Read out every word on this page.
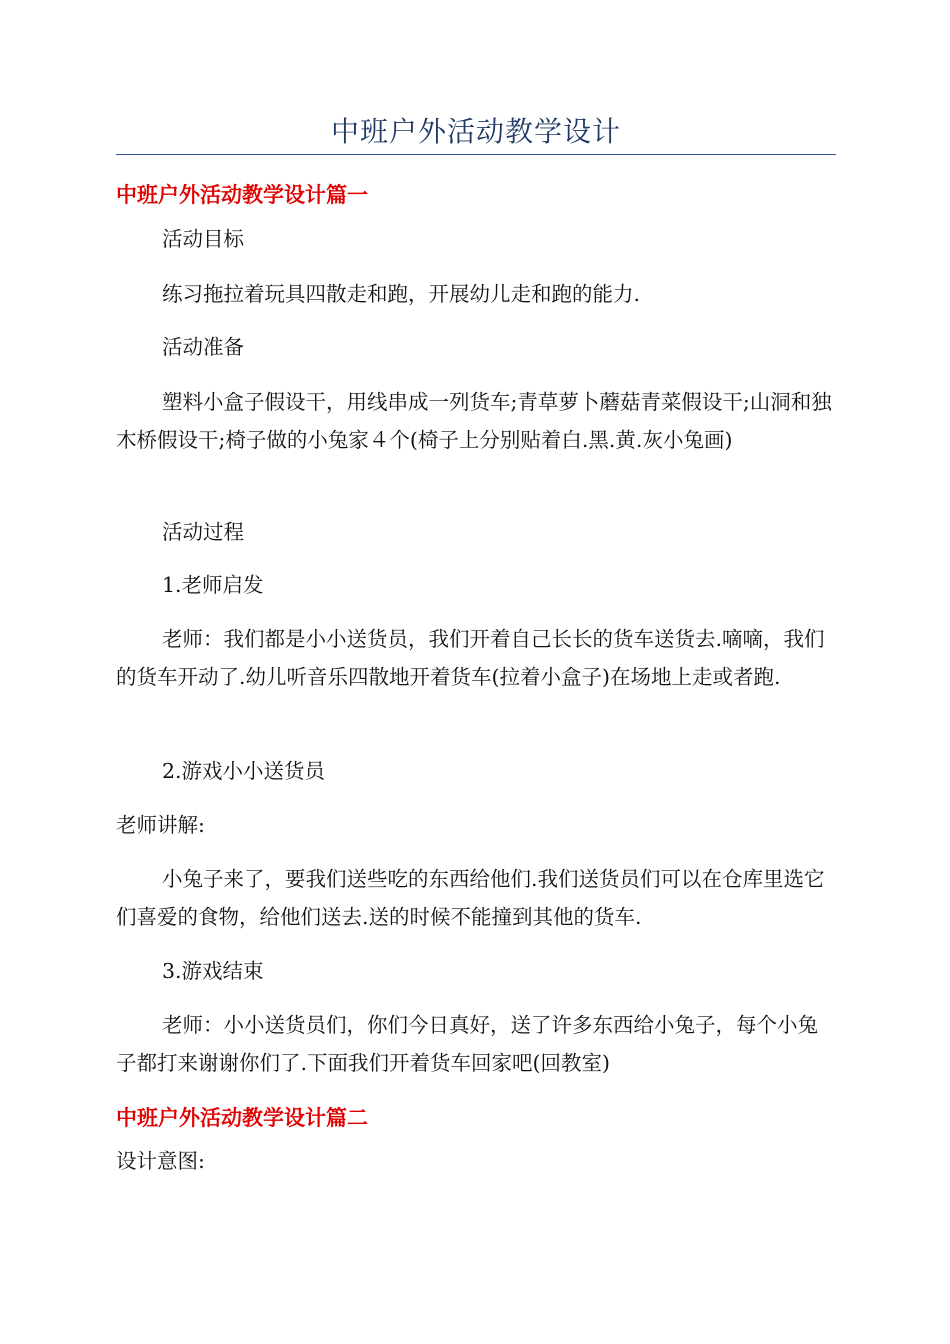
中班户外活动教学设计
中班户外活动教学设计篇一

活动目标

练习拖拉着玩具四散走和跑，开展幼儿走和跑的能力.

活动准备

塑料小盒子假设干，用线串成一列货车;青草萝卜蘑菇青菜假设干;山洞和独木桥假设干;椅子做的小兔家４个(椅子上分别贴着白.黑.黄.灰小兔画)

活动过程

1.老师启发

老师：我们都是小小送货员，我们开着自己长长的货车送货去.嘀嘀，我们的货车开动了.幼儿听音乐四散地开着货车(拉着小盒子)在场地上走或者跑.

2.游戏小小送货员

老师讲解:

小兔子来了，要我们送些吃的东西给他们.我们送货员们可以在仓库里选它们喜爱的食物，给他们送去.送的时候不能撞到其他的货车.

3.游戏结束

老师：小小送货员们，你们今日真好，送了许多东西给小兔子，每个小兔子都打来谢谢你们了.下面我们开着货车回家吧(回教室)

中班户外活动教学设计篇二

设计意图:
